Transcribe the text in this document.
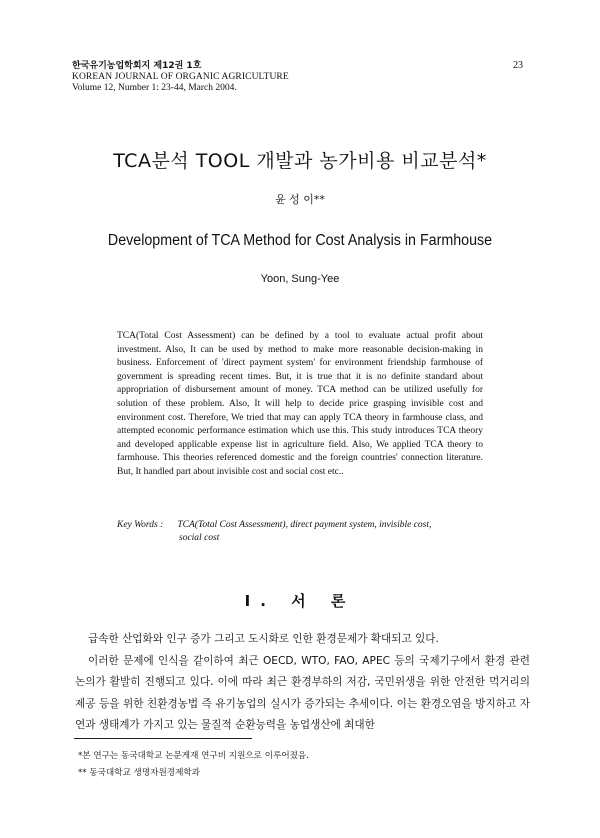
한국유기농업학회지 제12권 1호
KOREAN JOURNAL OF ORGANIC AGRICULTURE
Volume 12, Number 1: 23-44, March 2004.
23
TCA분석 TOOL 개발과 농가비용 비교분석*
윤 성 이**
Development of TCA Method for Cost Analysis in Farmhouse
Yoon, Sung-Yee

TCA(Total Cost Assessment) can be defined by a tool to evaluate actual profit about investment. Also, It can be used by method to make more reasonable decision-making in business. Enforcement of 'direct payment system' for environment friendship farmhouse of government is spreading recent times. But, it is true that it is no definite standard about appropriation of disbursement amount of money. TCA method can be utilized usefully for solution of these problem. Also, It will help to decide price grasping invisible cost and environment cost. Therefore, We tried that may can apply TCA theory in farmhouse class, and attempted economic performance estimation which use this. This study introduces TCA theory and developed applicable expense list in agriculture field. Also, We applied TCA theory to farmhouse. This theories referenced domestic and the foreign countries' connection literature. But, It handled part about invisible cost and social cost etc..

Key Words : TCA(Total Cost Assessment), direct payment system, invisible cost,
social cost
Ⅰ. 서 론

급속한 산업화와 인구 증가 그리고 도시화로 인한 환경문제가 확대되고 있다.

이러한 문제에 인식을 같이하여 최근 OECD, WTO, FAO, APEC 등의 국제기구에서 환경 관련 논의가 활발히 진행되고 있다. 이에 따라 최근 환경부하의 저감, 국민위생을 위한 안전한 먹거리의 제공 등을 위한 친환경농법 즉 유기농업의 실시가 증가되는 추세이다. 이는 환경오염을 방지하고 자연과 생태계가 가지고 있는 물질적 순환능력을 농업생산에 최대한

*본 연구는 동국대학교 논문게재 연구비 지원으로 이루어졌음.
** 동국대학교 생명자원경제학과
